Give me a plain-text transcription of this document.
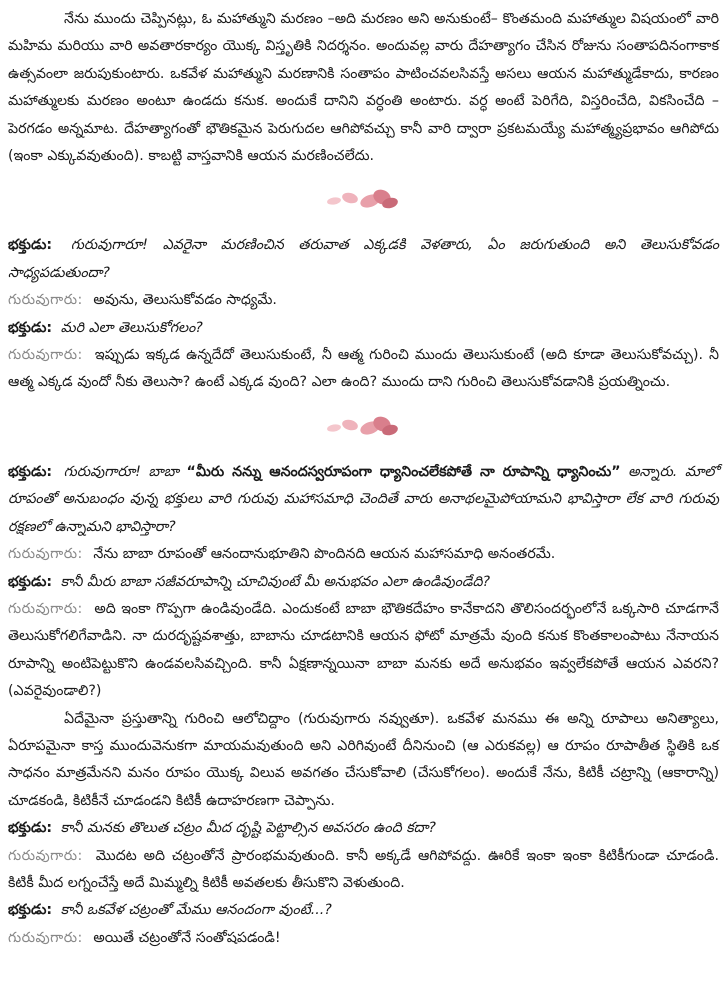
నేను ముందు చెప్పినట్లు, ఓ మహాత్ముని మరణం –అది మరణం అని అనుకుంటే– కొంతమంది మహాత్ముల విషయంలో వారి మహిమ మరియు వారి అవతారకార్యం యొక్క విస్తృతికి నిదర్శనం. అందువల్ల వారు దేహత్యాగం చేసిన రోజును సంతాపదినంగాకాక ఉత్సవంలా జరుపుకుంటారు. ఒకవేళ మహాత్ముని మరణానికి సంతాపం పాటించవలసివస్తే అసలు ఆయన మహాత్ముడేకాదు, కారణం మహాత్ములకు మరణం అంటూ ఉండదు కనుక. అందుకే దానిని వర్ధంతి అంటారు. వర్ధ అంటే పెరిగేది, విస్తరించేది, వికసించేది – పెరగడం అన్నమాట. దేహత్యాగంతో భౌతికమైన పెరుగుదల ఆగిపోవచ్చు కానీ వారి ద్వారా ప్రకటమయ్యే మహాత్మ్యప్రభావం ఆగిపోదు (ఇంకా ఎక్కువవుతుంది). కాబట్టి వాస్తవానికి ఆయన మరణించలేదు.

భక్తుడు: గురువుగారూ! ఎవరైనా మరణించిన తరువాత ఎక్కడకి వెళతారు, ఏం జరుగుతుంది అని తెలుసుకోవడం సాధ్యపడుతుందా?

గురువుగారు: అవును, తెలుసుకోవడం సాధ్యమే.

భక్తుడు: మరి ఎలా తెలుసుకోగలం?

గురువుగారు: ఇప్పుడు ఇక్కడ ఉన్నదేదో తెలుసుకుంటే, నీ ఆత్మ గురించి ముందు తెలుసుకుంటే (అది కూడా తెలుసుకోవచ్చు). నీ ఆత్మ ఎక్కడ వుందో నీకు తెలుసా? ఉంటే ఎక్కడ వుంది? ఎలా ఉంది? ముందు దాని గురించి తెలుసుకోవడానికి ప్రయత్నించు.

భక్తుడు: గురువుగారూ! బాబా “మీరు నన్ను ఆనందస్వరూపంగా ధ్యానించలేకపోతే నా రూపాన్ని ధ్యానించు” అన్నారు. మాలో రూపంతో అనుబంధం వున్న భక్తులు వారి గురువు మహాసమాధి చెందితే వారు అనాథలమైపోయామని భావిస్తారా లేక వారి గురువు రక్షణలో ఉన్నామని భావిస్తారా?

గురువుగారు: నేను బాబా రూపంతో ఆనందానుభూతిని పొందినది ఆయన మహాసమాధి అనంతరమే.

భక్తుడు: కానీ మీరు బాబా సజీవరూపాన్ని చూచివుంటే మీ అనుభవం ఎలా ఉండివుండేది?

గురువుగారు: అది ఇంకా గొప్పగా ఉండివుండేది. ఎందుకంటే బాబా భౌతికదేహం కానేకాదని తొలిసందర్భంలోనే ఒక్కసారి చూడగానే తెలుసుకోగలిగేవాడిని. నా దురదృష్టవశాత్తు, బాబాను చూడటానికి ఆయన ఫోటో మాత్రమే వుంది కనుక కొంతకాలంపాటు నేనాయన రూపాన్ని అంటిపెట్టుకొని ఉండవలసివచ్చింది. కానీ ఏక్షణాన్నయినా బాబా మనకు అదే అనుభవం ఇవ్వలేకపోతే ఆయన ఎవరని? (ఎవరైవుండాలి?)

ఏదేమైనా ప్రస్తుతాన్ని గురించి ఆలోచిద్దాం (గురువుగారు నవ్వుతూ). ఒకవేళ మనము ఈ అన్ని రూపాలు అనిత్యాలు, ఏరూపమైనా కాస్త ముందువెనుకగా మాయమవుతుంది అని ఎరిగివుంటే దీనినుంచి (ఆ ఎరుకవల్ల) ఆ రూపం రూపాతీత స్థితికి ఒక సాధనం మాత్రమేనని మనం రూపం యొక్క విలువ అవగతం చేసుకోవాలి (చేసుకోగలం). అందుకే నేను, కిటికీ చట్రాన్ని (ఆకారాన్ని) చూడకండి, కిటికీనే చూడండని కిటికీ ఉదాహరణగా చెప్పాను.

భక్తుడు: కానీ మనకు తొలుత చట్రం మీద దృష్టి పెట్టాల్సిన అవసరం ఉంది కదా?

గురువుగారు: మొదట అది చట్రంతోనే ప్రారంభమవుతుంది. కానీ అక్కడే ఆగిపోవద్దు. ఊరికే ఇంకా ఇంకా కిటికీగుండా చూడండి. కిటికీ మీద లగ్నంచేస్తే అదే మిమ్మల్ని కిటికీ అవతలకు తీసుకొని వెళుతుంది.

భక్తుడు: కానీ ఒకవేళ చట్రంతో మేము ఆనందంగా వుంటే...?

గురువుగారు: అయితే చట్రంతోనే సంతోషపడండి!
